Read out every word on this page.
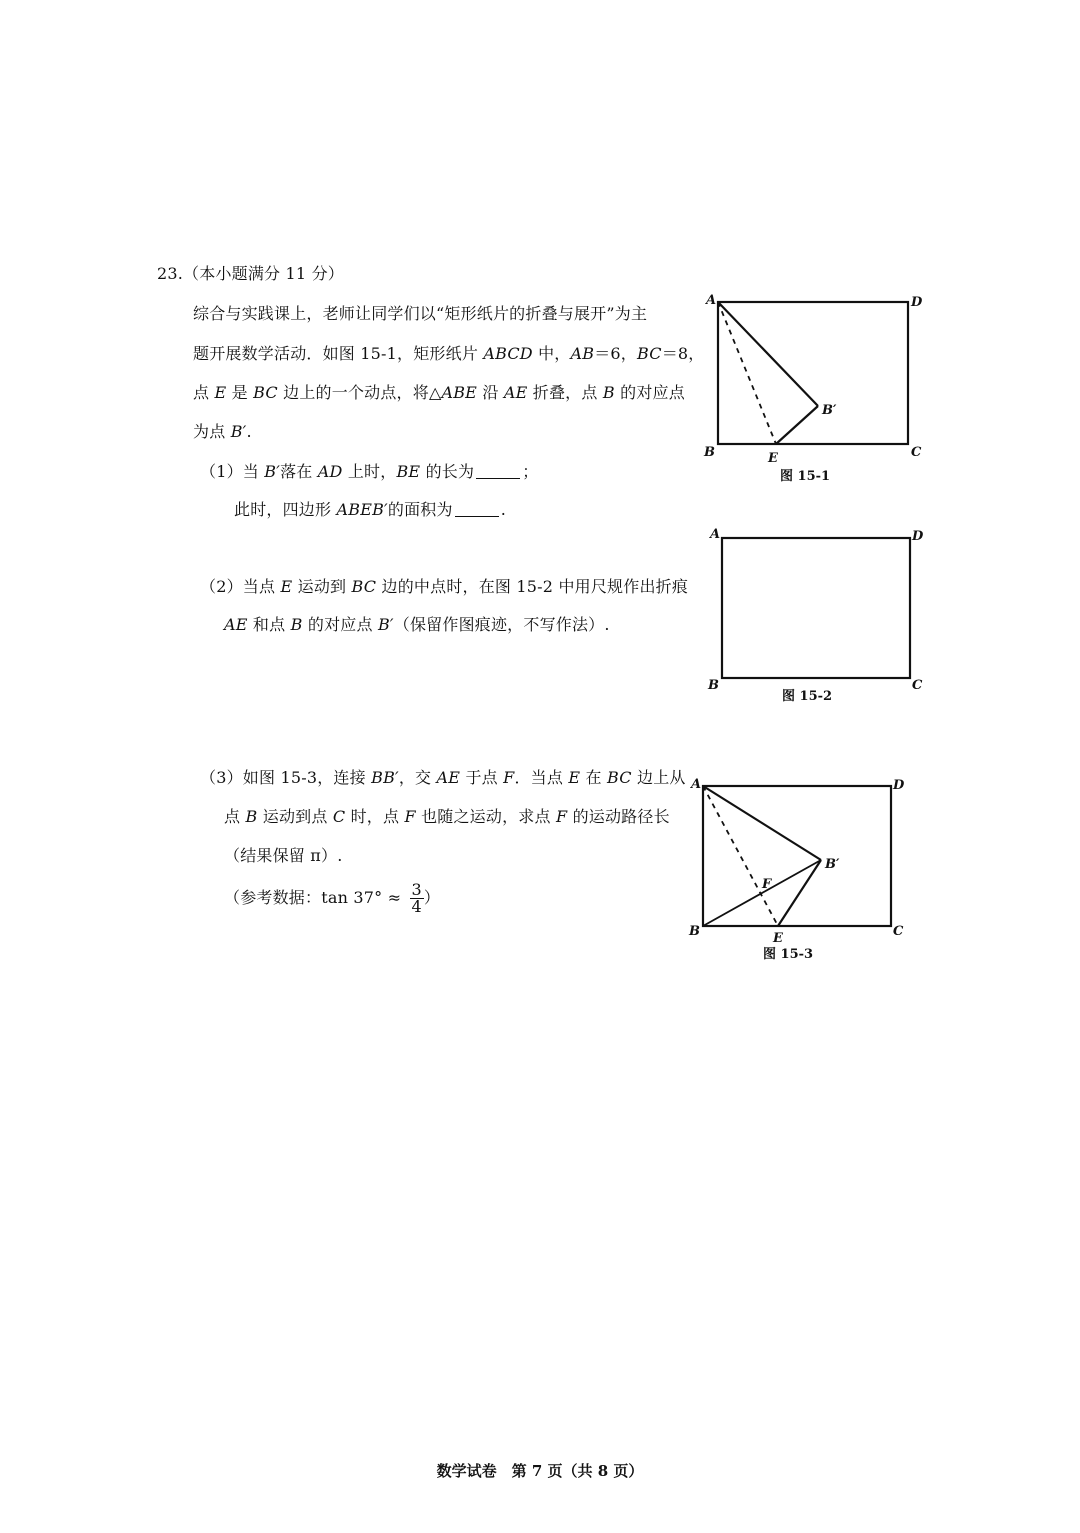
23.（本小题满分 11 分）
综合与实践课上，老师让同学们以“矩形纸片的折叠与展开”为主
题开展数学活动．如图 15-1，矩形纸片 ABCD 中，AB＝6，BC＝8，
点 E 是 BC 边上的一个动点，将△ABE 沿 AE 折叠，点 B 的对应点
为点 B′.
（1）当 B′落在 AD 上时，BE 的长为	；
此时，四边形 ABEB′的面积为	.
（2）当点 E 运动到 BC 边的中点时，在图 15-2 中用尺规作出折痕
AE 和点 B 的对应点 B′（保留作图痕迹，不写作法）.
（3）如图 15-3，连接 BB′，交 AE 于点 F．当点 E 在 BC 边上从
点 B 运动到点 C 时，点 F 也随之运动，求点 F 的运动路径长
（结果保留 π）.
（参考数据：$\tan 37^\circ \approx \frac{3}{4}$ ）
A	D
B	C
E
B′
图 15-1
A	D
B	C
图 15-2
A	D
B	C
E
F
B′
图 15-3
数学试卷　第 7 页（共 8 页）
